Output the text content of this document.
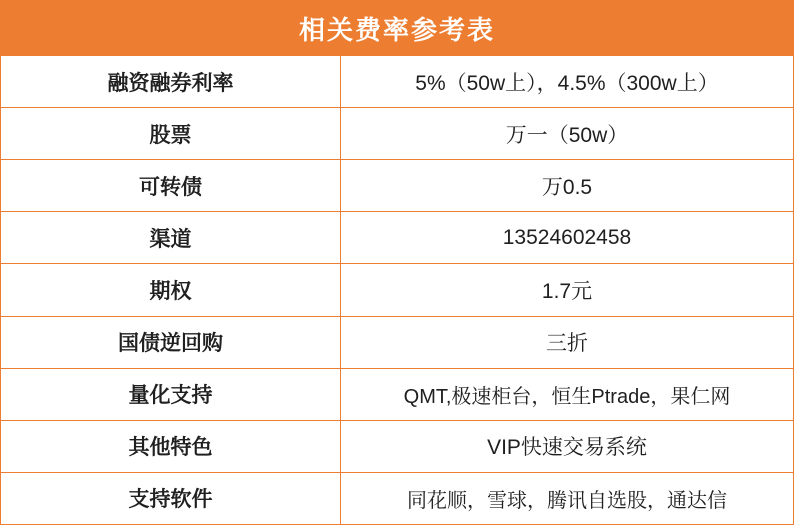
相关费率参考表
融资融券利率	5%（50w上），4.5%（300w上）
股票	万一（50w）
可转债	万0.5
渠道	13524602458
期权	1.7元
国债逆回购	三折
量化支持	QMT,极速柜台，恒生Ptrade，果仁网
其他特色	VIP快速交易系统
支持软件	同花顺，雪球，腾讯自选股，通达信
